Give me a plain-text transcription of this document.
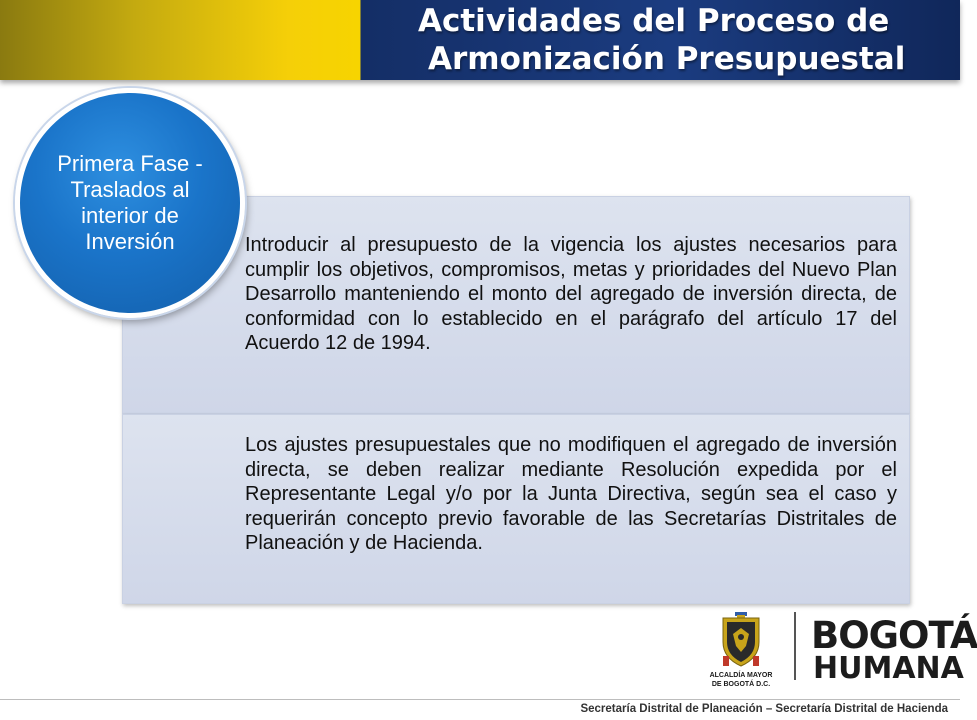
Actividades del Proceso de
Armonización Presupuestal
Introducir al presupuesto de la vigencia los ajustes necesarios para cumplir los objetivos, compromisos, metas y prioridades del Nuevo Plan Desarrollo manteniendo el monto del agregado de inversión directa, de conformidad con lo establecido en el parágrafo del artículo 17 del Acuerdo 12 de 1994.
Los ajustes presupuestales que no modifiquen el agregado de inversión directa, se deben realizar mediante Resolución expedida por el Representante Legal y/o por la Junta Directiva, según sea el caso y requerirán concepto previo favorable de las Secretarías Distritales de Planeación y de Hacienda.
Primera Fase - Traslados al interior de Inversión
ALCALDÍA MAYOR
DE BOGOTÁ D.C.
BOGOTÁ
HUMANA
Secretaría Distrital de Planeación – Secretaría Distrital de Hacienda
